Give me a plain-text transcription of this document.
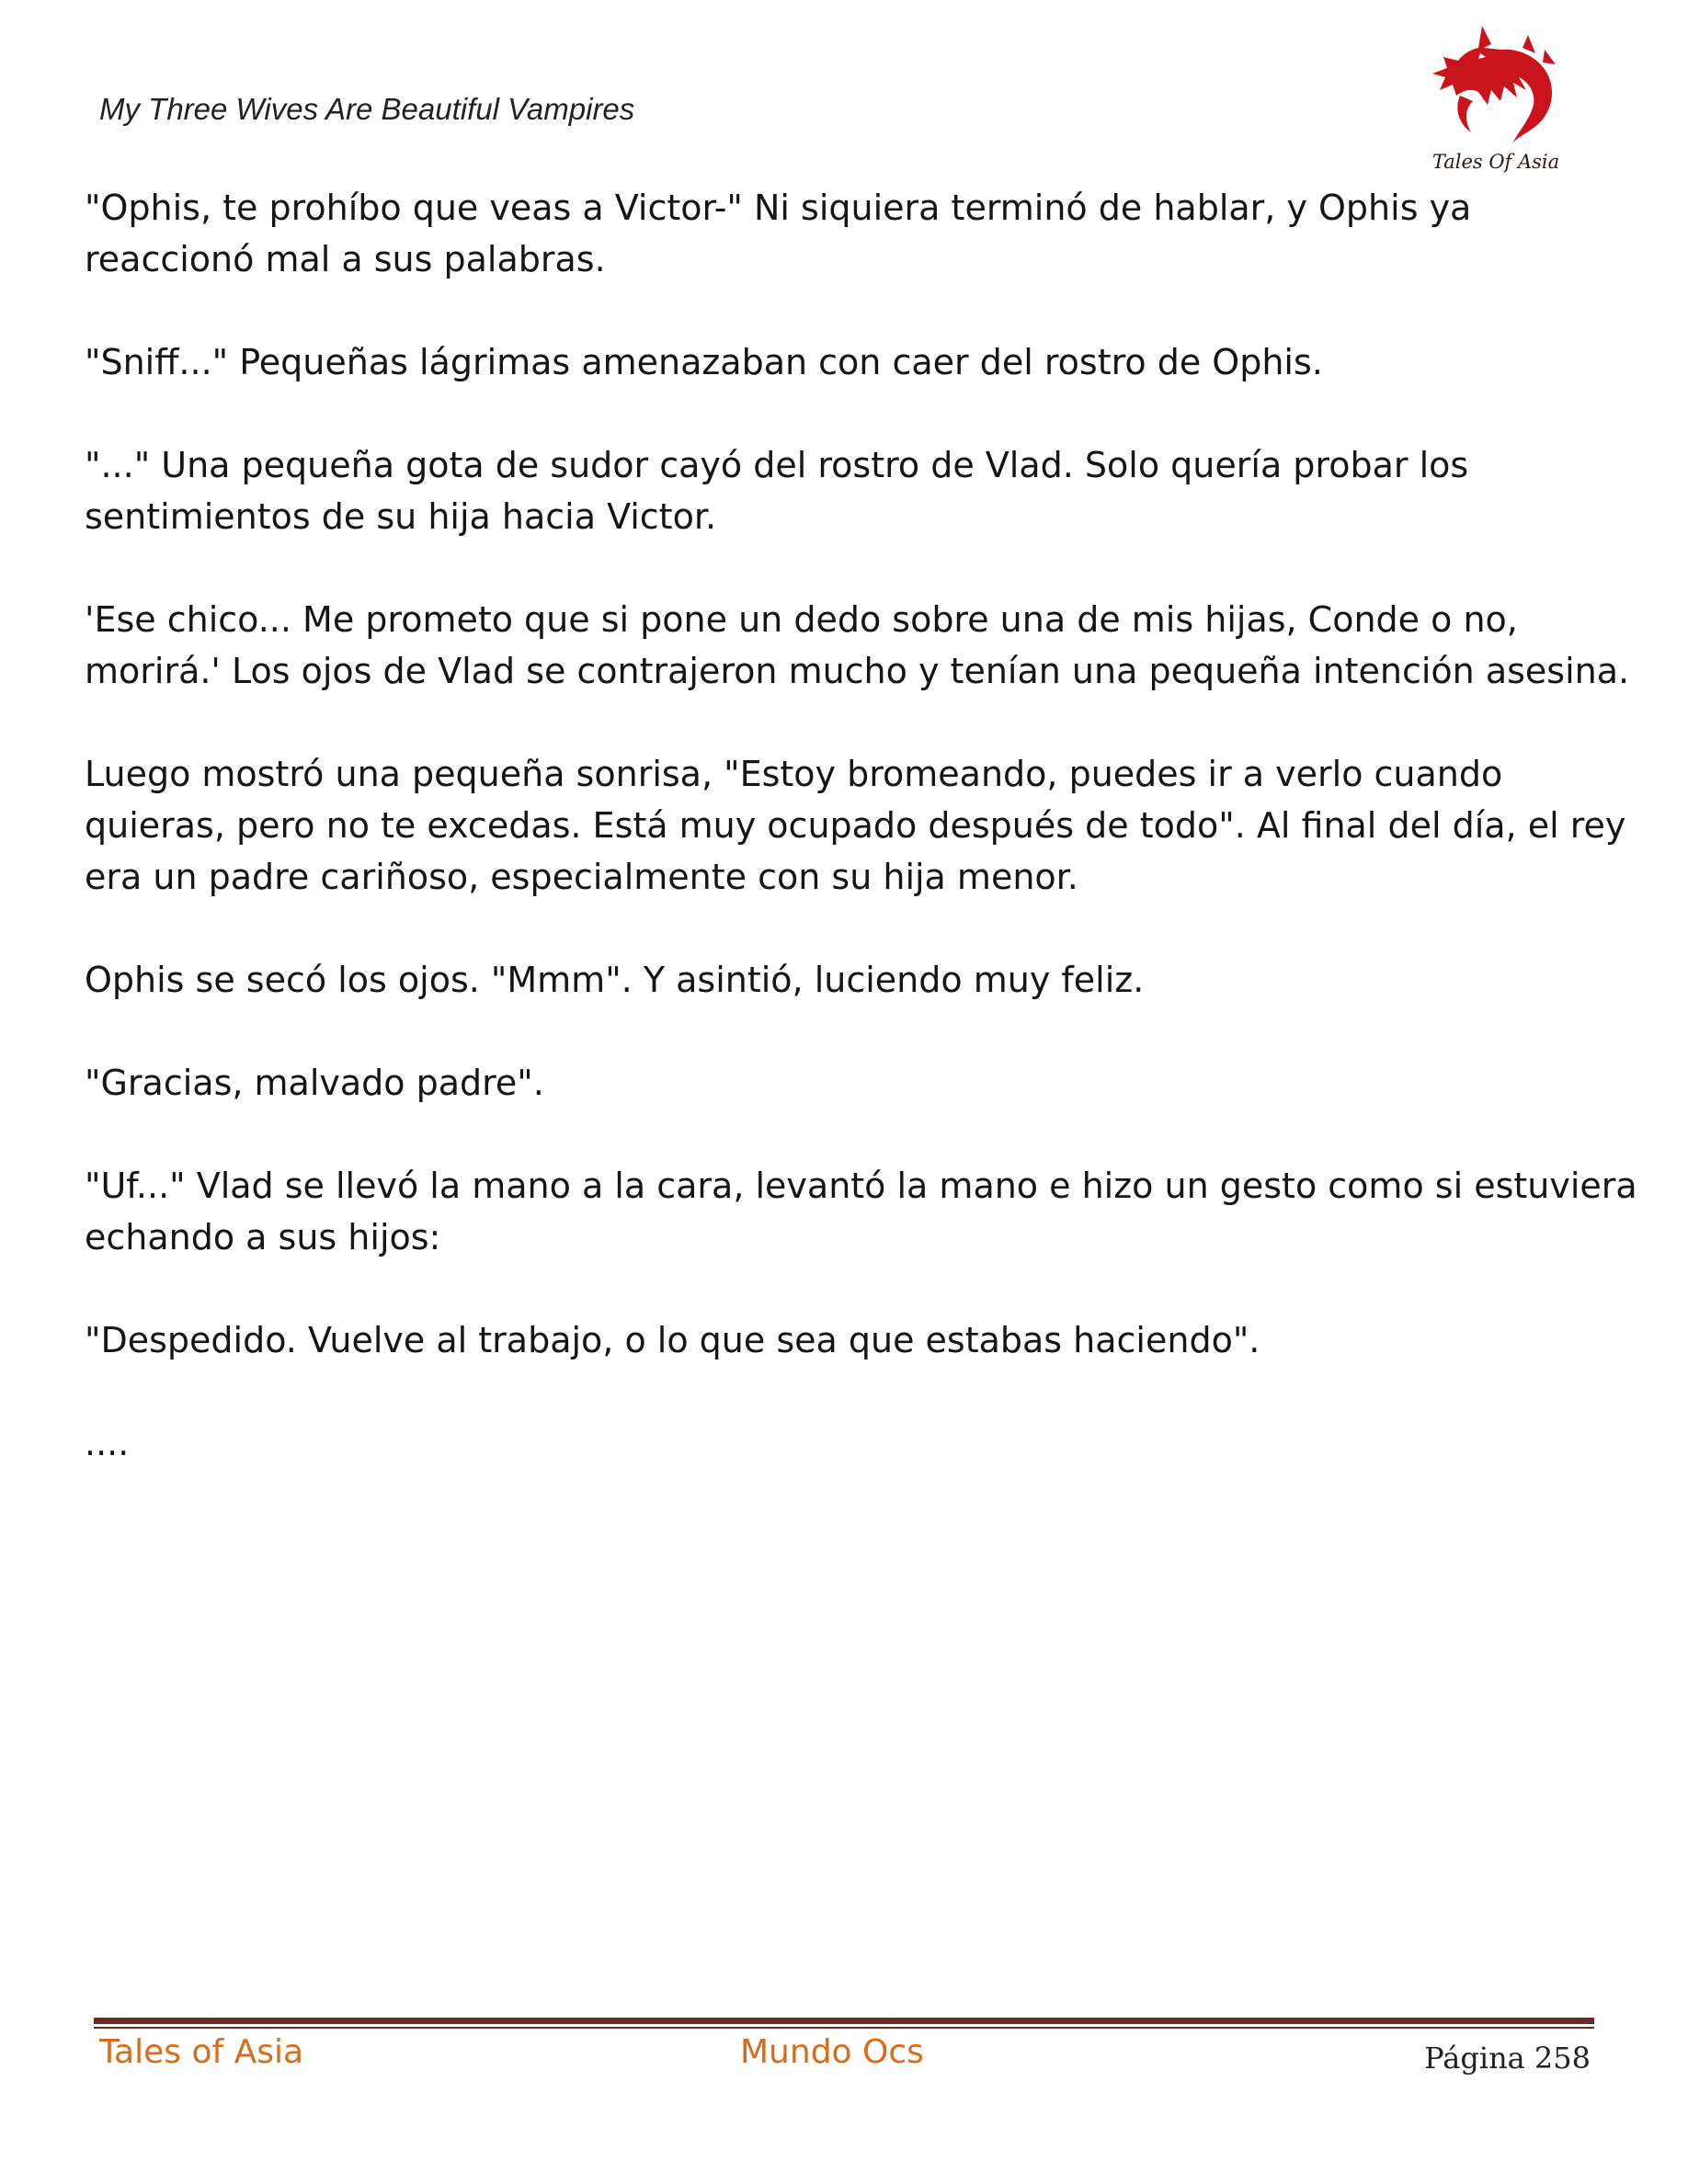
My Three Wives Are Beautiful Vampires
Tales Of Asia

"Ophis, te prohíbo que veas a Victor-" Ni siquiera terminó de hablar, y Ophis ya reaccionó mal a sus palabras.

"Sniff..." Pequeñas lágrimas amenazaban con caer del rostro de Ophis.

"..." Una pequeña gota de sudor cayó del rostro de Vlad. Solo quería probar los sentimientos de su hija hacia Victor.

'Ese chico... Me prometo que si pone un dedo sobre una de mis hijas, Conde o no, morirá.' Los ojos de Vlad se contrajeron mucho y tenían una pequeña intención asesina.

Luego mostró una pequeña sonrisa, "Estoy bromeando, puedes ir a verlo cuando quieras, pero no te excedas. Está muy ocupado después de todo". Al final del día, el rey era un padre cariñoso, especialmente con su hija menor.

Ophis se secó los ojos. "Mmm". Y asintió, luciendo muy feliz.

"Gracias, malvado padre".

"Uf..." Vlad se llevó la mano a la cara, levantó la mano e hizo un gesto como si estuviera echando a sus hijos:

"Despedido. Vuelve al trabajo, o lo que sea que estabas haciendo".

....

Tales of Asia	Mundo Ocs	Página 258
